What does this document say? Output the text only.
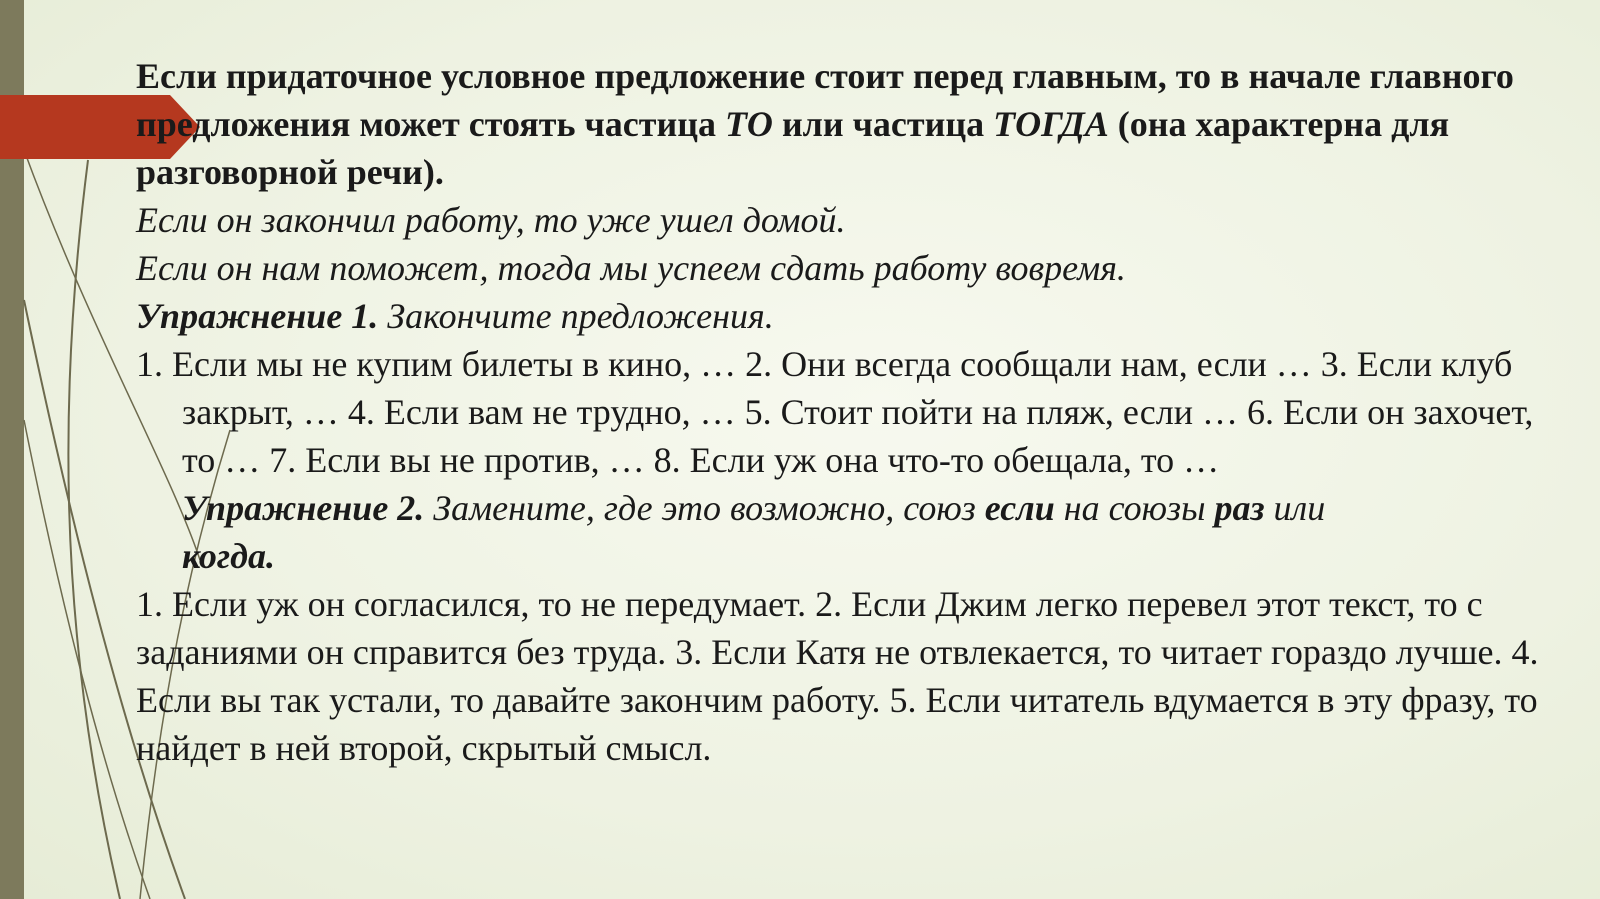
Если придаточное условное предложение стоит перед главным, то в начале главного предложения может стоять частица ТО или частица ТОГДА (она характерна для разговорной речи).

Если он закончил работу, то уже ушел домой.

Если он нам поможет, тогда мы успеем сдать работу вовремя.

Упражнение 1. Закончите предложения.

1. Если мы не купим билеты в кино, … 2. Они всегда сообщали нам, если … 3. Если клуб закрыт, … 4. Если вам не трудно, … 5. Стоит пойти на пляж, если … 6. Если он захочет, то … 7. Если вы не против, … 8. Если уж она что-то обещала, то …

Упражнение 2. Замените, где это возможно, союз если на союзы раз или
когда.

1. Если уж он согласился, то не передумает. 2. Если Джим легко перевел этот текст, то с заданиями он справится без труда. 3. Если Катя не отвлекается, то читает гораздо лучше. 4. Если вы так устали, то давайте закончим работу. 5. Если читатель вдумается в эту фразу, то найдет в ней второй, скрытый смысл.
